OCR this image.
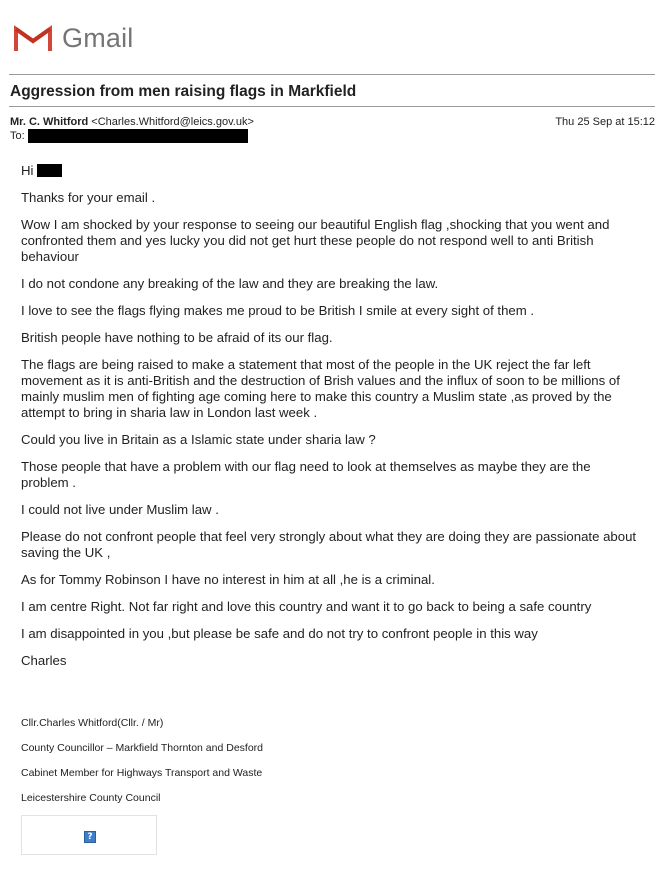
Gmail
Aggression from men raising flags in Markfield
Mr. C. Whitford <Charles.Whitford@leics.gov.uk>	Thu 25 Sep at 15:12
To:

Hi

Thanks for your email .

Wow I am shocked by your response to seeing our beautiful English flag ,shocking that you went and confronted them and yes lucky you did not get hurt these people do not respond well to anti British behaviour

I do not condone any breaking of the law and they are breaking the law.

I love to see the flags flying makes me proud to be British I smile at every sight of them .

British people have nothing to be afraid of its our flag.

The flags are being raised to make a statement that most of the people in the UK reject the far left movement as it is anti-British and the destruction of Brish values and the influx of soon to be millions of mainly muslim men of fighting age coming here to make this country a Muslim state ,as proved by the attempt to bring in sharia law in London last week .

Could you live in Britain as a Islamic state under sharia law ?

Those people that have a problem with our flag need to look at themselves as maybe they are the problem .

I could not live under Muslim law .

Please do not confront people that feel very strongly about what they are doing they are passionate about saving the UK ,

As for Tommy Robinson I have no interest in him at all ,he is a criminal.

I am centre Right. Not far right and love this country and want it to go back to being a safe country

I am disappointed in you ,but please be safe and do not try to confront people in this way

Charles

Cllr.Charles Whitford(Cllr. / Mr)

County Councillor – Markfield Thornton and Desford

Cabinet Member for Highways Transport and Waste

Leicestershire County Council

?
